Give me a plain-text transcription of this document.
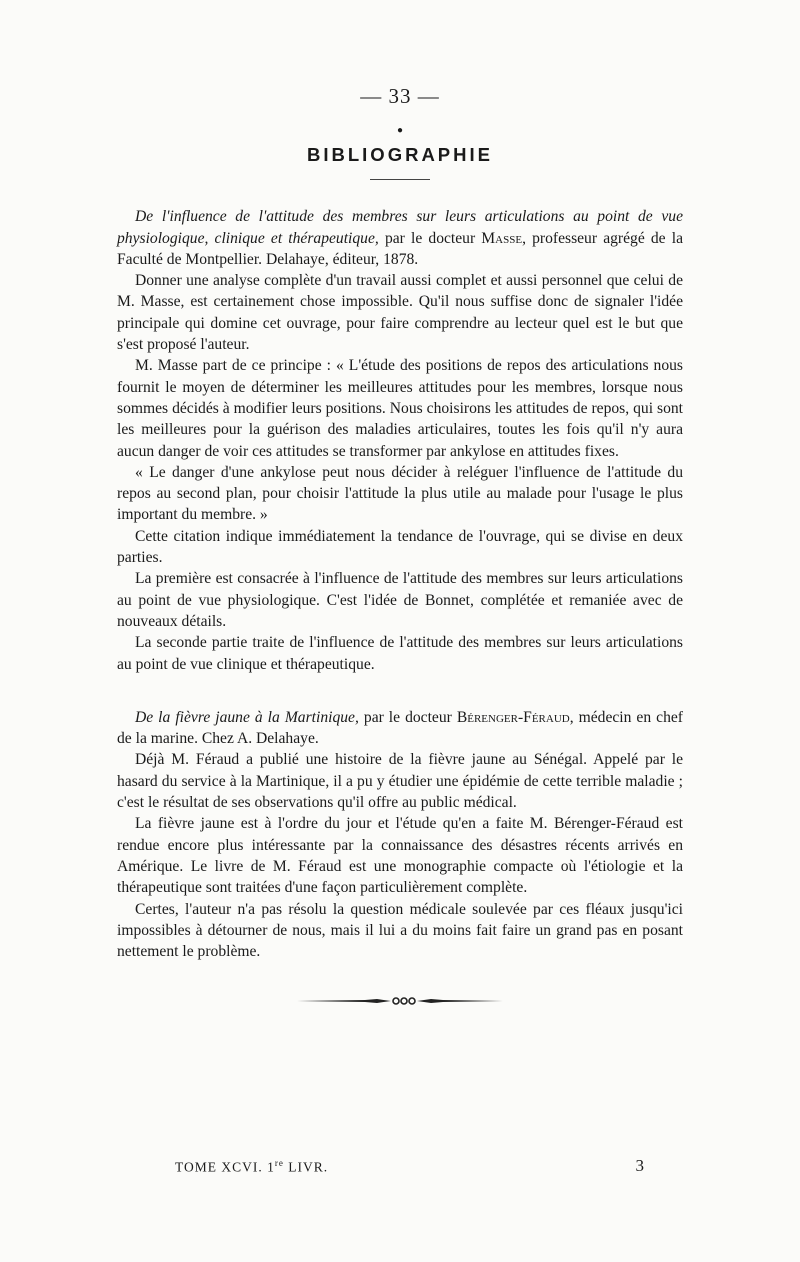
— 33 —
●
BIBLIOGRAPHIE

De l'influence de l'attitude des membres sur leurs articulations au point de vue physiologique, clinique et thérapeutique, par le docteur Masse, professeur agrégé de la Faculté de Montpellier. Delahaye, éditeur, 1878.

Donner une analyse complète d'un travail aussi complet et aussi personnel que celui de M. Masse, est certainement chose impossible. Qu'il nous suffise donc de signaler l'idée principale qui domine cet ouvrage, pour faire comprendre au lecteur quel est le but que s'est proposé l'auteur.

M. Masse part de ce principe : « L'étude des positions de repos des articulations nous fournit le moyen de déterminer les meilleures attitudes pour les membres, lorsque nous sommes décidés à modifier leurs positions. Nous choisirons les attitudes de repos, qui sont les meilleures pour la guérison des maladies articulaires, toutes les fois qu'il n'y aura aucun danger de voir ces attitudes se transformer par ankylose en attitudes fixes.

« Le danger d'une ankylose peut nous décider à reléguer l'influence de l'attitude du repos au second plan, pour choisir l'attitude la plus utile au malade pour l'usage le plus important du membre. »

Cette citation indique immédiatement la tendance de l'ouvrage, qui se divise en deux parties.

La première est consacrée à l'influence de l'attitude des membres sur leurs articulations au point de vue physiologique. C'est l'idée de Bonnet, complétée et remaniée avec de nouveaux détails.

La seconde partie traite de l'influence de l'attitude des membres sur leurs articulations au point de vue clinique et thérapeutique.

De la fièvre jaune à la Martinique, par le docteur Bérenger-Féraud, médecin en chef de la marine. Chez A. Delahaye.

Déjà M. Féraud a publié une histoire de la fièvre jaune au Sénégal. Appelé par le hasard du service à la Martinique, il a pu y étudier une épidémie de cette terrible maladie ; c'est le résultat de ses observations qu'il offre au public médical.

La fièvre jaune est à l'ordre du jour et l'étude qu'en a faite M. Bérenger-Féraud est rendue encore plus intéressante par la connaissance des désastres récents arrivés en Amérique. Le livre de M. Féraud est une monographie compacte où l'étiologie et la thérapeutique sont traitées d'une façon particulièrement complète.

Certes, l'auteur n'a pas résolu la question médicale soulevée par ces fléaux jusqu'ici impossibles à détourner de nous, mais il lui a du moins fait faire un grand pas en posant nettement le problème.

TOME XCVI. 1re LIVR.	3
